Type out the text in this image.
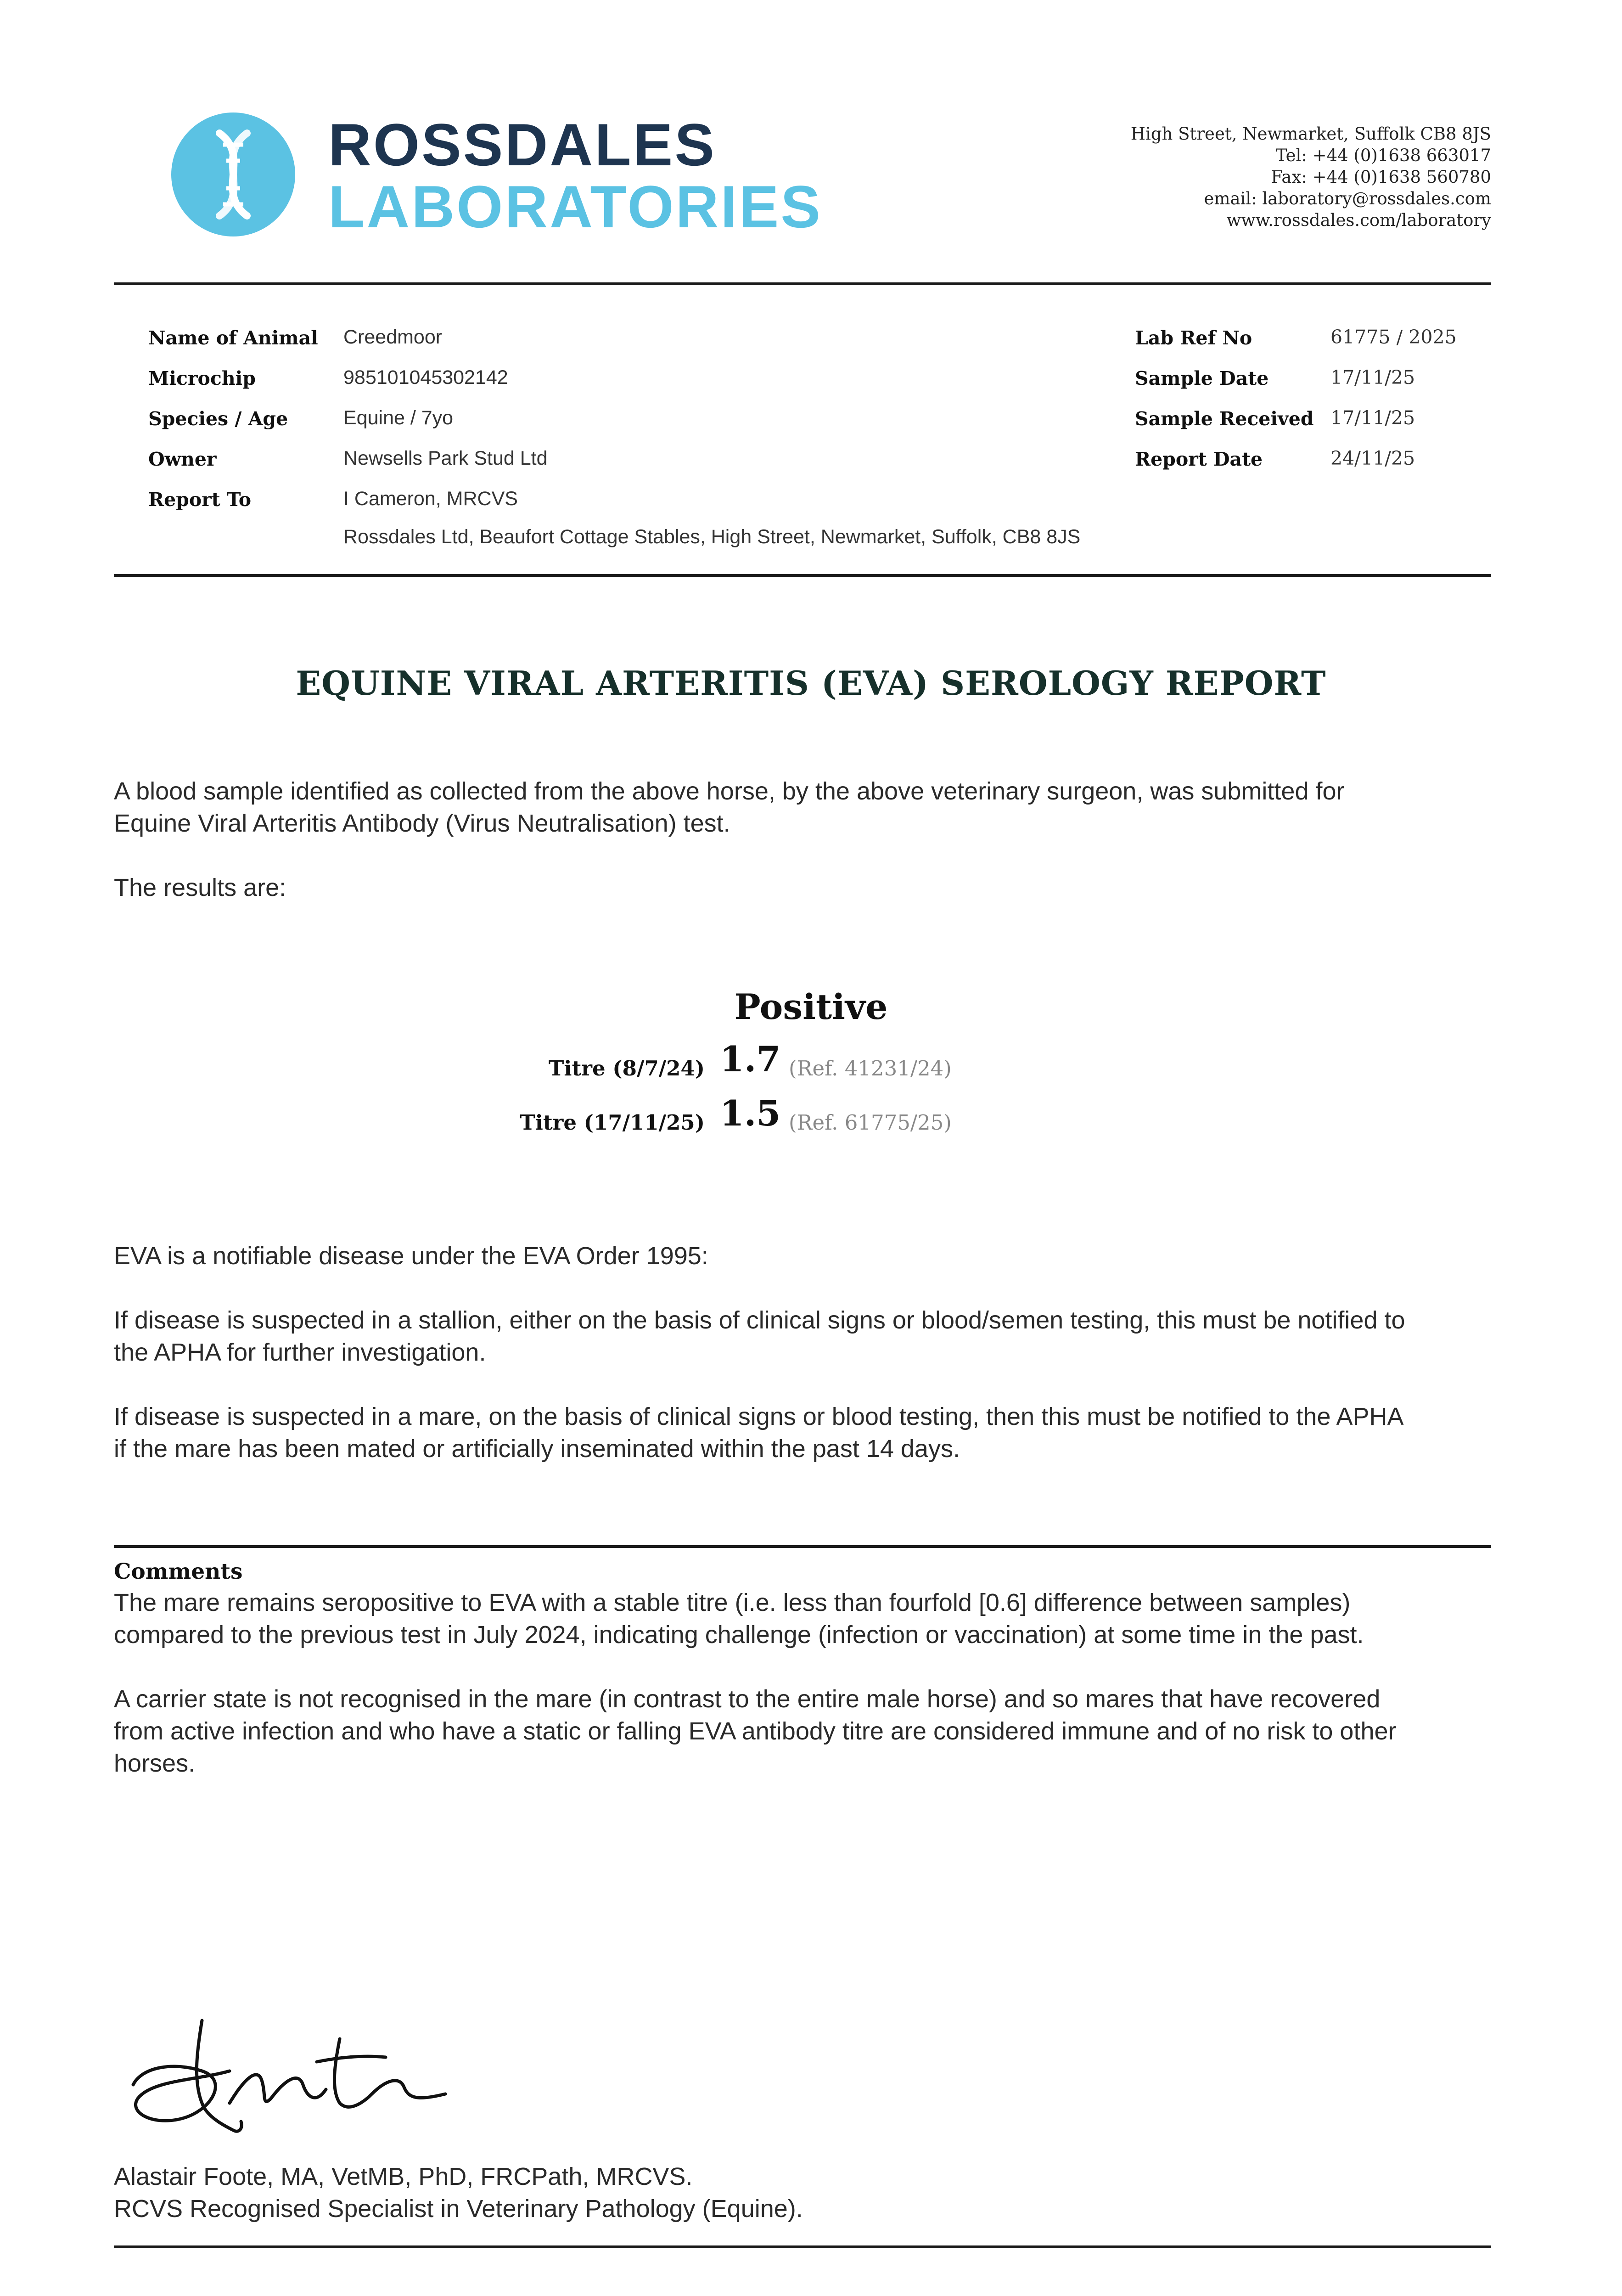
ROSSDALES
LABORATORIES
High Street, Newmarket, Suffolk CB8 8JS
Tel: +44 (0)1638 663017
Fax: +44 (0)1638 560780
email: laboratory@rossdales.com
www.rossdales.com/laboratory
Name of Animal Creedmoor
Microchip	985101045302142
Species / Age	Equine / 7yo
Owner	Newsells Park Stud Ltd
Report To	I Cameron, MRCVS
Rossdales Ltd, Beaufort Cottage Stables, High Street, Newmarket, Suffolk, CB8 8JS
Lab Ref No	61775 / 2025
Sample Date	17/11/25
Sample Received 17/11/25
Report Date	24/11/25
EQUINE VIRAL ARTERITIS (EVA) SEROLOGY REPORT
A blood sample identified as collected from the above horse, by the above veterinary surgeon, was submitted for
Equine Viral Arteritis Antibody (Virus Neutralisation) test.
The results are:
Positive
Titre (8/7/24) 1.7 (Ref. 41231/24)
Titre (17/11/25) 1.5 (Ref. 61775/25)
EVA is a notifiable disease under the EVA Order 1995:
If disease is suspected in a stallion, either on the basis of clinical signs or blood/semen testing, this must be notified to
the APHA for further investigation.
If disease is suspected in a mare, on the basis of clinical signs or blood testing, then this must be notified to the APHA
if the mare has been mated or artificially inseminated within the past 14 days.
Comments
The mare remains seropositive to EVA with a stable titre (i.e. less than fourfold [0.6] difference between samples)
compared to the previous test in July 2024, indicating challenge (infection or vaccination) at some time in the past.
A carrier state is not recognised in the mare (in contrast to the entire male horse) and so mares that have recovered
from active infection and who have a static or falling EVA antibody titre are considered immune and of no risk to other
horses.
Alastair Foote, MA, VetMB, PhD, FRCPath, MRCVS.
RCVS Recognised Specialist in Veterinary Pathology (Equine).
